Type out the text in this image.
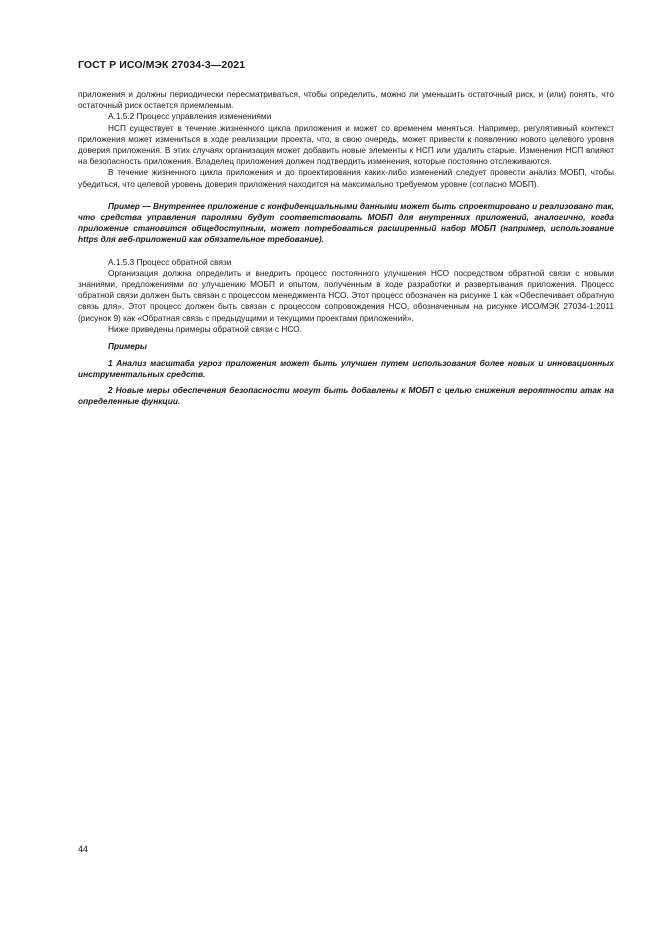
ГОСТ Р ИСО/МЭК 27034-3—2021

приложения и должны периодически пересматриваться, чтобы определить, можно ли уменьшить остаточный риск, и (или) понять, что остаточный риск остается приемлемым.

А.1.5.2 Процесс управления изменениями

НСП существует в течение жизненного цикла приложения и может со временем меняться. Например, регулятивный контекст приложения может измениться в ходе реализации проекта, что, в свою очередь, может привести к появлению нового целевого уровня доверия приложения. В этих случаях организация может добавить новые элементы к НСП или удалить старые. Изменения НСП влияют на безопасность приложения. Владелец приложения должен подтвердить изменения, которые постоянно отслеживаются.

В течение жизненного цикла приложения и до проектирования каких-либо изменений следует провести анализ МОБП, чтобы убедиться, что целевой уровень доверия приложения находится на максимально требуемом уровне (согласно МОБП).

Пример — Внутреннее приложение с конфиденциальными данными может быть спроектировано и реализовано так, что средства управления паролями будут соответствовать МОБП для внутренних приложений, аналогично, когда приложение становится общедоступным, может потребоваться расширенный набор МОБП (например, использование https для веб-приложений как обязательное требование).

А.1.5.3 Процесс обратной связи

Организация должна определить и внедрить процесс постоянного улучшения НСО посредством обратной связи с новыми знаниями, предложениями по улучшению МОБП и опытом, полученным в ходе разработки и развертывания приложения. Процесс обратной связи должен быть связан с процессом менеджмента НСО. Этот процесс обозначен на рисунке 1 как «Обеспечивает обратную связь для». Этот процесс должен быть связан с процессом сопровождения НСО, обозначенным на рисунке ИСО/МЭК 27034-1:2011 (рисунок 9) как «Обратная связь с предыдущими и текущими проектами приложений».

Ниже приведены примеры обратной связи с НСО.

Примеры

1 Анализ масштаба угроз приложения может быть улучшен путем использования более новых и инновационных инструментальных средств.

2 Новые меры обеспечения безопасности могут быть добавлены к МОБП с целью снижения вероятности атак на определенные функции.

44
